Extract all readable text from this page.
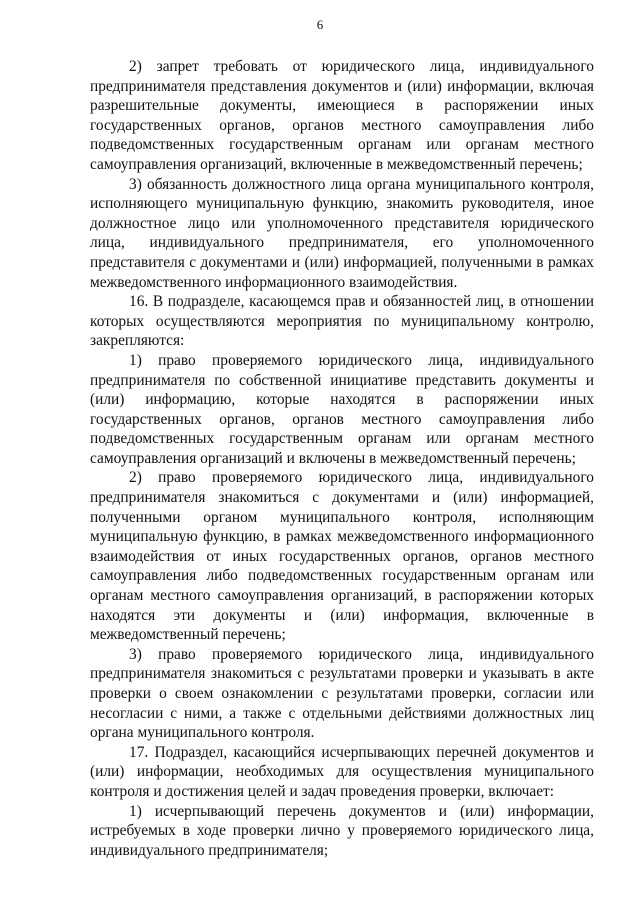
6

2) запрет требовать от юридического лица, индивидуального предпринимателя представления документов и (или) информации, включая разрешительные документы, имеющиеся в распоряжении иных государственных органов, органов местного самоуправления либо подведомственных государственным органам или органам местного самоуправления организаций, включенные в межведомственный перечень;

3) обязанность должностного лица органа муниципального контроля, исполняющего муниципальную функцию, знакомить руководителя, иное должностное лицо или уполномоченного представителя юридического лица, индивидуального предпринимателя, его уполномоченного представителя с документами и (или) информацией, полученными в рамках межведомственного информационного взаимодействия.

16. В подразделе, касающемся прав и обязанностей лиц, в отношении которых осуществляются мероприятия по муниципальному контролю, закрепляются:

1) право проверяемого юридического лица, индивидуального предпринимателя по собственной инициативе представить документы и (или) информацию, которые находятся в распоряжении иных государственных органов, органов местного самоуправления либо подведомственных государственным органам или органам местного самоуправления организаций и включены в межведомственный перечень;

2) право проверяемого юридического лица, индивидуального предпринимателя знакомиться с документами и (или) информацией, полученными органом муниципального контроля, исполняющим муниципальную функцию, в рамках межведомственного информационного взаимодействия от иных государственных органов, органов местного самоуправления либо подведомственных государственным органам или органам местного самоуправления организаций, в распоряжении которых находятся эти документы и (или) информация, включенные в межведомственный перечень;

3) право проверяемого юридического лица, индивидуального предпринимателя знакомиться с результатами проверки и указывать в акте проверки о своем ознакомлении с результатами проверки, согласии или несогласии с ними, а также с отдельными действиями должностных лиц органа муниципального контроля.

17. Подраздел, касающийся исчерпывающих перечней документов и (или) информации, необходимых для осуществления муниципального контроля и достижения целей и задач проведения проверки, включает:

1) исчерпывающий перечень документов и (или) информации, истребуемых в ходе проверки лично у проверяемого юридического лица, индивидуального предпринимателя;
